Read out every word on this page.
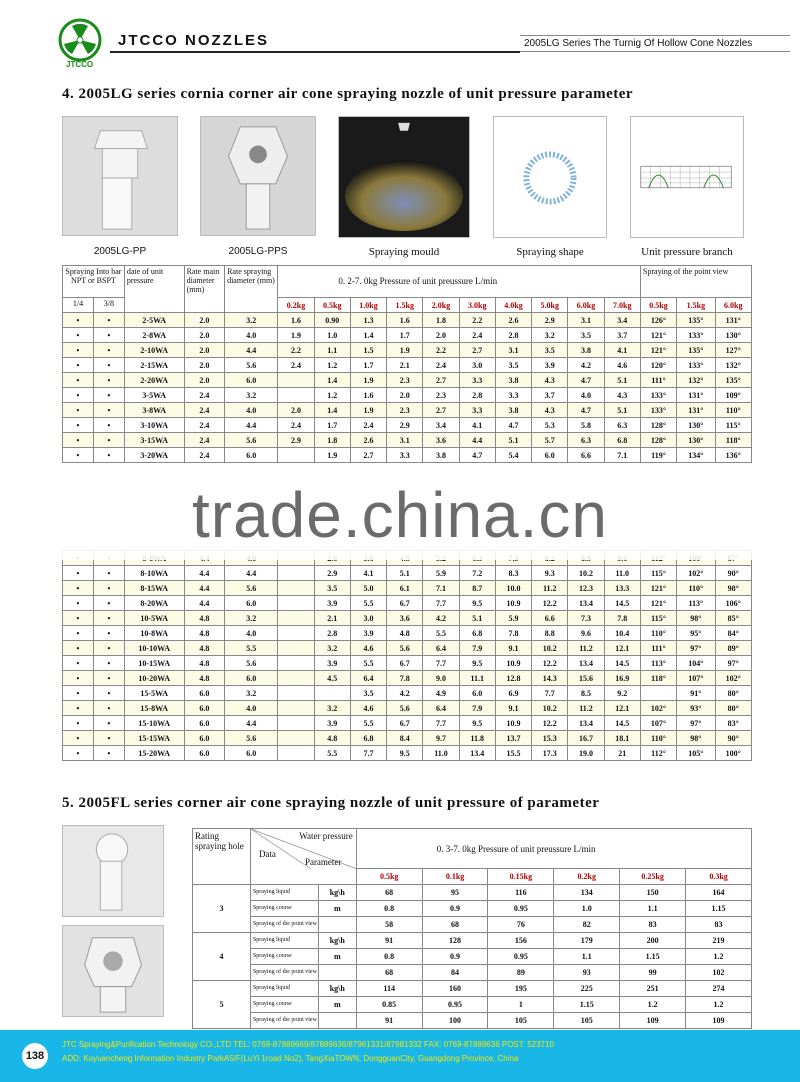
JTCCO
JTCCO NOZZLES	2005LG Series The Turnig Of Hollow Cone Nozzles
4. 2005LG series cornia corner air cone spraying nozzle of unit pressure parameter
2005LG-PP	2005LG-PPS	Spraying mould	Spraying shape	Unit pressure branch
Spraying Into bar NPT or BSPT		date of unit pressure	Rate main diameter (mm)	Rate spraying diameter (mm)	0. 2-7. 0kg Pressure of unit preussure L/min										Spraying of the point view		
1/4	3/8				0.2kg	0.5kg	1.0kg	1.5kg	2.0kg	3.0kg	4.0kg	5.0kg	6.0kg	7.0kg	0.5kg	1.5kg	6.0kg
•	•	2-5WA	2.0	3.2	1.6	0.90	1.3	1.6	1.8	2.2	2.6	2.9	3.1	3.4	126°	135°	131°
•	•	2-8WA	2.0	4.0	1.9	1.0	1.4	1.7	2.0	2.4	2.8	3.2	3.5	3.7	121°	133°	130°
•	•	2-10WA	2.0	4.4	2.2	1.1	1.5	1.9	2.2	2.7	3.1	3.5	3.8	4.1	121°	135°	127°
•	•	2-15WA	2.0	5.6	2.4	1.2	1.7	2.1	2.4	3.0	3.5	3.9	4.2	4.6	120°	133°	132°
•	•	2-20WA	2.0	6.0		1.4	1.9	2.3	2.7	3.3	3.8	4.3	4.7	5.1	111°	132°	135°
•	•	3-5WA	2.4	3.2		1.2	1.6	2.0	2.3	2.8	3.3	3.7	4.0	4.3	133°	131°	109°
•	•	3-8WA	2.4	4.0	2.0	1.4	1.9	2.3	2.7	3.3	3.8	4.3	4.7	5.1	133°	131°	110°
•	•	3-10WA	2.4	4.4	2.4	1.7	2.4	2.9	3.4	4.1	4.7	5.3	5.8	6.3	128°	130°	115°
•	•	3-15WA	2.4	5.6	2.9	1.8	2.6	3.1	3.6	4.4	5.1	5.7	6.3	6.8	128°	130°	118°
•	•	3-20WA	2.4	6.0		1.9	2.7	3.3	3.8	4.7	5.4	6.0	6.6	7.1	119°	134°	136°

•	•	8-10WA	4.4	4.4		2.9	4.1	5.1	5.9	7.2	8.3	9.3	10.2	11.0	115°	102°	90°
•	•	8-15WA	4.4	5.6		3.5	5.0	6.1	7.1	8.7	10.0	11.2	12.3	13.3	121°	110°	98°
•	•	8-20WA	4.4	6.0		3.9	5.5	6.7	7.7	9.5	10.9	12.2	13.4	14.5	121°	113°	106°
•	•	10-5WA	4.8	3.2		2.1	3.0	3.6	4.2	5.1	5.9	6.6	7.3	7.8	115°	98°	85°
•	•	10-8WA	4.8	4.0		2.8	3.9	4.8	5.5	6.8	7.8	8.8	9.6	10.4	110°	95°	84°
•	•	10-10WA	4.8	5.5		3.2	4.6	5.6	6.4	7.9	9.1	10.2	11.2	12.1	111°	97°	89°
•	•	10-15WA	4.8	5.6		3.9	5.5	6.7	7.7	9.5	10.9	12.2	13.4	14.5	113°	104°	97°
•	•	10-20WA	4.8	6.0		4.5	6.4	7.8	9.0	11.1	12.8	14.3	15.6	16.9	118°	107°	102°
•	•	15-5WA	6.0	3.2			3.5	4.2	4.9	6.0	6.9	7.7	8.5	9.2		91°	80°
•	•	15-8WA	6.0	4.0		3.2	4.6	5.6	6.4	7.9	9.1	10.2	11.2	12.1	102°	93°	80°
•	•	15-10WA	6.0	4.4		3.9	5.5	6.7	7.7	9.5	10.9	12.2	13.4	14.5	107°	97°	83°
•	•	15-15WA	6.0	5.6		4.8	6.8	8.4	9.7	11.8	13.7	15.3	16.7	18.1	110°	98°	90°
•	•	15-20WA	6.0	6.0		5.5	7.7	9.5	11.0	13.4	15.5	17.3	19.0	21	112°	105°	100°
trade.china.cn
5. 2005FL series corner air cone spraying nozzle of unit pressure of parameter
Rating spraying hole	Water pressure
Data
Parameter		0. 3-7. 0kg Pressure of unit preussure L/min					
			0.5kg	0.1kg	0.15kg	0.2kg	0.25kg	0.3kg
3	Spraying liquid	kg\h	68	95	116	134	150	164
	Spraying course	m	0.8	0.9	0.95	1.0	1.1	1.15
	Spraying of the point view		58	68	76	82	83	83
4	Spraying liquid	kg\h	91	128	156	179	200	219
	Spraying course	m	0.8	0.9	0.95	1.1	1.15	1.2
	Spraying of the point view		68	84	89	93	99	102
5	Spraying liquid	kg\h	114	160	195	225	251	274
	Spraying course	m	0.85	0.95	1	1.15	1.2	1.2
	Spraying of the point view		91	100	105	105	109	109
138
JTC Spraying&Purification Technology CO.,LTD TEL: 0769-87889669/87889636/87961331/87981332 FAX: 0769-87889636 POST: 523710
ADD: Koyuancheng Information Industry ParkA5/F(LuYi 1road No2), TangXiaTOWN, DongguanCity, Guangdong Province, China
